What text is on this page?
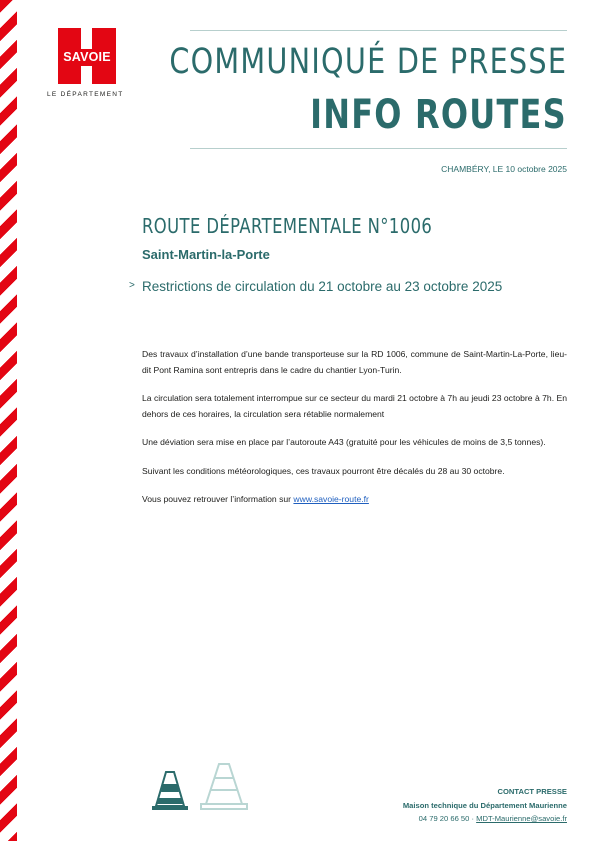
SAVOIE
LE DÉPARTEMENT
COMMUNIQUÉ DE PRESSE
INFO ROUTES
CHAMBÉRY, LE 10 octobre 2025
ROUTE DÉPARTEMENTALE N°1006
Saint-Martin-la-Porte
> Restrictions de circulation du 21 octobre au 23 octobre 2025

Des travaux d’installation d’une bande transporteuse sur la RD 1006, commune de Saint-Martin-La-Porte, lieu-dit Pont Ramina sont entrepris dans le cadre du chantier Lyon-Turin.

La circulation sera totalement interrompue sur ce secteur du mardi 21 octobre à 7h au jeudi 23 octobre à 7h. En dehors de ces horaires, la circulation sera rétablie normalement

Une déviation sera mise en place par l’autoroute A43 (gratuité pour les véhicules de moins de 3,5 tonnes).

Suivant les conditions météorologiques, ces travaux pourront être décalés du 28 au 30 octobre.

Vous pouvez retrouver l’information sur www.savoie-route.fr

CONTACT PRESSE
Maison technique du Département Maurienne
04 79 20 66 50 · MDT-Maurienne@savoie.fr
